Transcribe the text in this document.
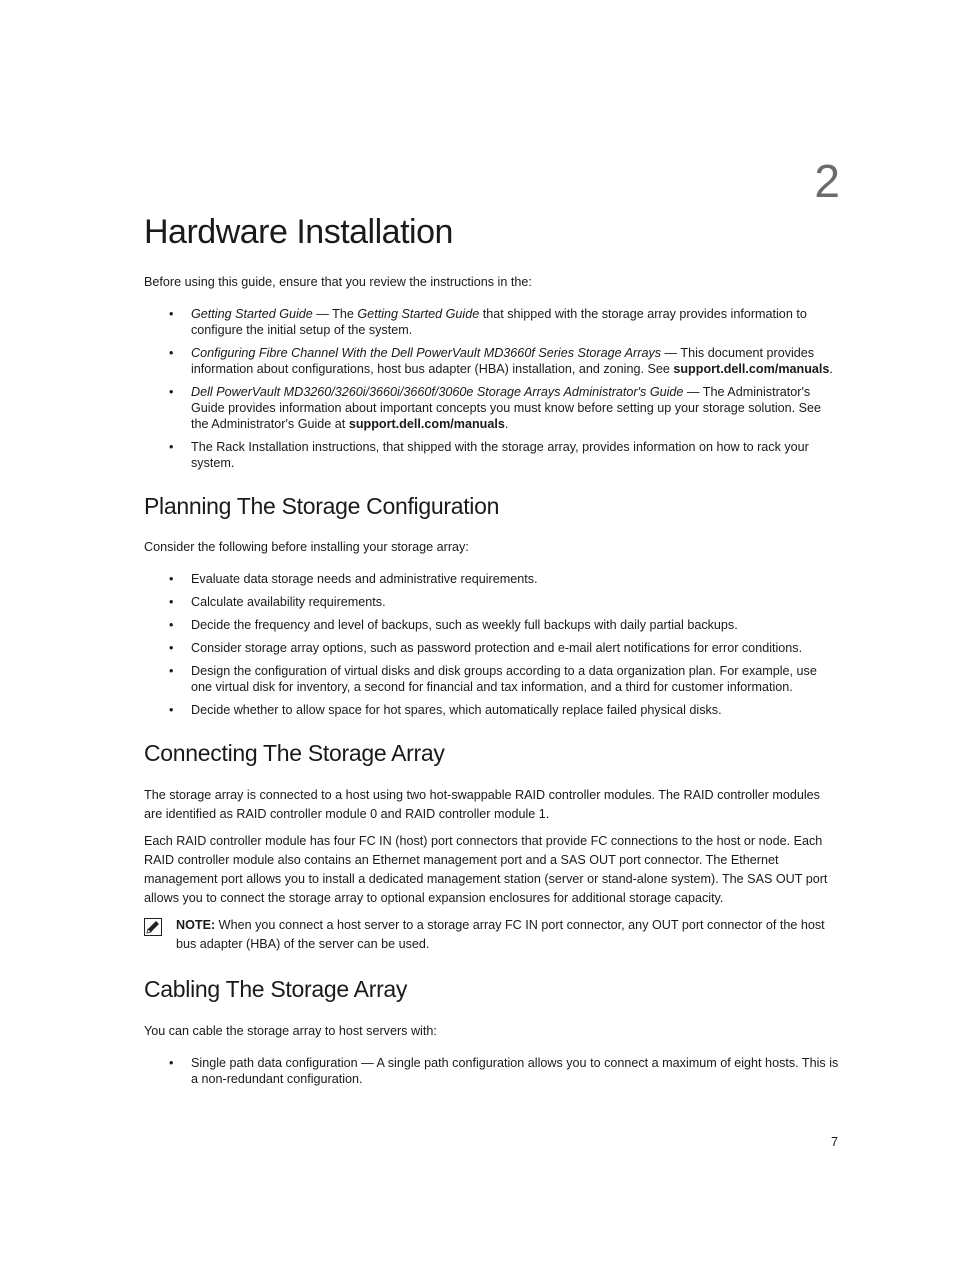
2
Hardware Installation

Before using this guide, ensure that you review the instructions in the:

• Getting Started Guide — The Getting Started Guide that shipped with the storage array provides information to configure the initial setup of the system.
• Configuring Fibre Channel With the Dell PowerVault MD3660f Series Storage Arrays — This document provides information about configurations, host bus adapter (HBA) installation, and zoning. See support.dell.com/manuals.
• Dell PowerVault MD3260/3260i/3660i/3660f/3060e Storage Arrays Administrator's Guide — The Administrator's Guide provides information about important concepts you must know before setting up your storage solution. See the Administrator's Guide at support.dell.com/manuals.
• The Rack Installation instructions, that shipped with the storage array, provides information on how to rack your system.
Planning The Storage Configuration

Consider the following before installing your storage array:

• Evaluate data storage needs and administrative requirements.
• Calculate availability requirements.
• Decide the frequency and level of backups, such as weekly full backups with daily partial backups.
• Consider storage array options, such as password protection and e-mail alert notifications for error conditions.
• Design the configuration of virtual disks and disk groups according to a data organization plan. For example, use one virtual disk for inventory, a second for financial and tax information, and a third for customer information.
• Decide whether to allow space for hot spares, which automatically replace failed physical disks.
Connecting The Storage Array

The storage array is connected to a host using two hot-swappable RAID controller modules. The RAID controller modules are identified as RAID controller module 0 and RAID controller module 1.

Each RAID controller module has four FC IN (host) port connectors that provide FC connections to the host or node. Each RAID controller module also contains an Ethernet management port and a SAS OUT port connector. The Ethernet management port allows you to install a dedicated management station (server or stand-alone system). The SAS OUT port allows you to connect the storage array to optional expansion enclosures for additional storage capacity.

NOTE: When you connect a host server to a storage array FC IN port connector, any OUT port connector of the host bus adapter (HBA) of the server can be used.

Cabling The Storage Array

You can cable the storage array to host servers with:

• Single path data configuration — A single path configuration allows you to connect a maximum of eight hosts. This is a non-redundant configuration.
7
